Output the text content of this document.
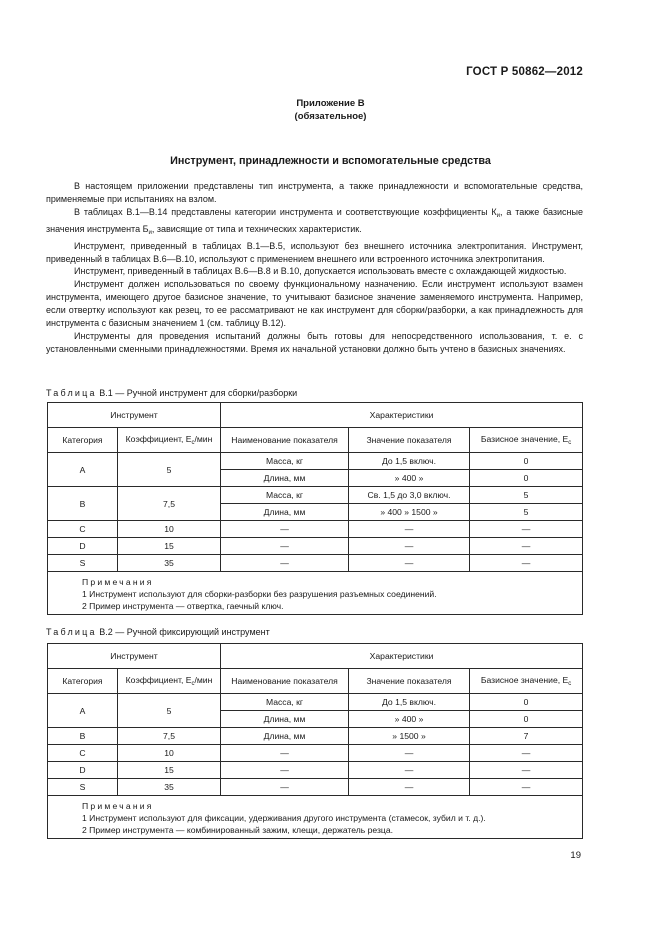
ГОСТ Р 50862—2012
Приложение В
(обязательное)
Инструмент, принадлежности и вспомогательные средства

В настоящем приложении представлены тип инструмента, а также принадлежности и вспомогательные средства, применяемые при испытаниях на взлом.

В таблицах В.1—В.14 представлены категории инструмента и соответствующие коэффициенты $К_и$, а также базисные значения инструмента $Б_и$, зависящие от типа и технических характеристик.

Инструмент, приведенный в таблицах В.1—В.5, используют без внешнего источника электропитания. Инструмент, приведенный в таблицах В.6—В.10, используют с применением внешнего или встроенного источника электропитания.

Инструмент, приведенный в таблицах В.6—В.8 и В.10, допускается использовать вместе с охлаждающей жидкостью.

Инструмент должен использоваться по своему функциональному назначению. Если инструмент используют взамен инструмента, имеющего другое базисное значение, то учитывают базисное значение заменяемого инструмента. Например, если отвертку используют как резец, то ее рассматривают не как инструмент для сборки/разборки, а как принадлежность для инструмента с базисным значением 1 (см. таблицу В.12).

Инструменты для проведения испытаний должны быть готовы для непосредственного использования, т. е. с установленными сменными принадлежностями. Время их начальной установки должно быть учтено в базисных значениях.

Таблица В.1 — Ручной инструмент для сборки/разборки
Инструмент		Характеристики		
Категория	Коэффициент, $Е_с$/мин	Наименование показателя	Значение показателя	Базисное значение, $Е_с$
А	5	Масса, кг	До 1,5 включ.	0
		Длина, мм	» 400 »	0
В	7,5	Масса, кг	Св. 1,5 до 3,0 включ.	5
		Длина, мм	» 400 » 1500 »	5
С	10	—	—	—
D	15	—	—	—
S	35	—	—	—

Примечания
1 Инструмент используют для сборки-разборки без разрушения разъемных соединений.
2 Пример инструмента — отвертка, гаечный ключ.				
Таблица В.2 — Ручной фиксирующий инструмент
Инструмент		Характеристики		
Категория	Коэффициент, $Е_с$/мин	Наименование показателя	Значение показателя	Базисное значение, $Е_с$
А	5	Масса, кг	До 1,5 включ.	0
		Длина, мм	» 400 »	0
В	7,5	Длина, мм	» 1500 »	7
С	10	—	—	—
D	15	—	—	—
S	35	—	—	—

Примечания
1 Инструмент используют для фиксации, удерживания другого инструмента (стамесок, зубил и т. д.).
2 Пример инструмента — комбинированный зажим, клещи, держатель резца.				
19
